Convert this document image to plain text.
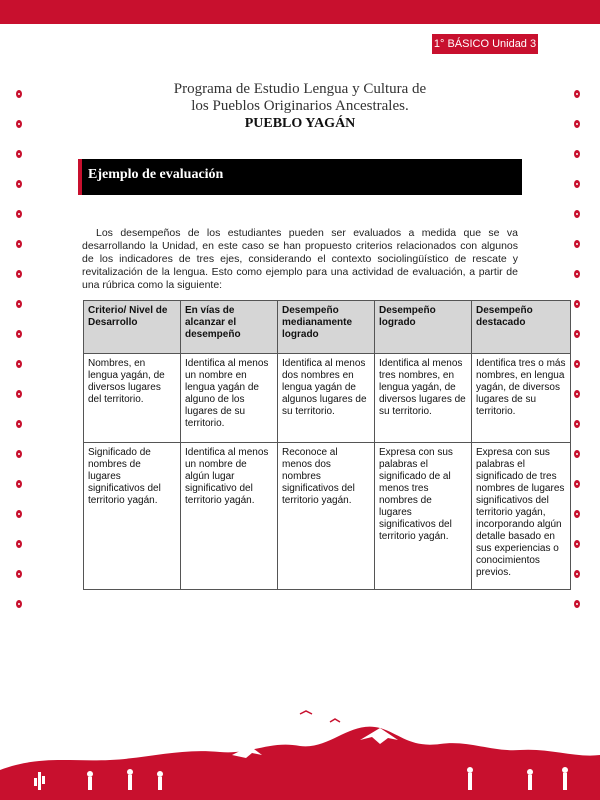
1° BÁSICO Unidad 3
Programa de Estudio Lengua y Cultura de
los Pueblos Originarios Ancestrales.
PUEBLO YAGÁN
Ejemplo de evaluación

Los desempeños de los estudiantes pueden ser evaluados a medida que se va desarrollando la Unidad, en este caso se han propuesto criterios relacionados con algunos de los indicadores de tres ejes, considerando el contexto sociolingüístico de rescate y revitalización de la lengua. Esto como ejemplo para una actividad de evaluación, a partir de una rúbrica como la siguiente:

Criterio/ Nivel de Desarrollo	En vías de alcanzar el desempeño	Desempeño medianamente logrado	Desempeño logrado	Desempeño destacado
Nombres, en lengua yagán, de diversos lugares del territorio.	Identifica al menos un nombre en lengua yagán de alguno de los lugares de su territorio.	Identifica al menos dos nombres en lengua yagán de algunos lugares de su territorio.	Identifica al menos tres nombres, en lengua yagán, de diversos lugares de su territorio.	Identifica tres o más nombres, en lengua yagán, de diversos lugares de su territorio.
Significado de nombres de lugares significativos del territorio yagán.	Identifica al menos un nombre de algún lugar significativo del territorio yagán.	Reconoce al menos dos nombres significativos del territorio yagán.	Expresa con sus palabras el significado de al menos tres nombres de lugares significativos del territorio yagán.	Expresa con sus palabras el significado de tres nombres de lugares significativos del territorio yagán, incorporando algún detalle basado en sus experiencias o conocimientos previos.
